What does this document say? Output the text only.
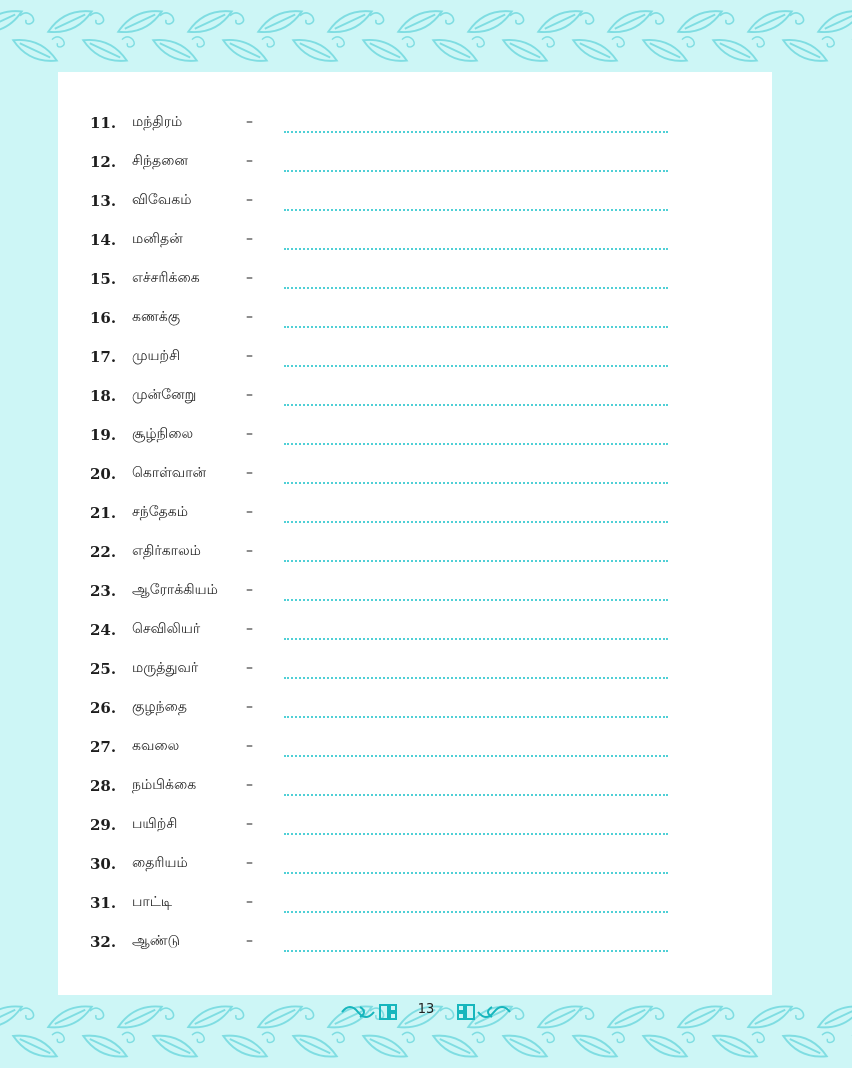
11.	மந்திரம்	–
12.	சிந்தனை	–
13.	விவேகம்	–
14.	மனிதன்	–
15.	எச்சரிக்கை	–
16.	கணக்கு	–
17.	முயற்சி	–
18.	முன்னேறு	–
19.	சூழ்நிலை	–
20.	கொள்வான்	–
21.	சந்தேகம்	–
22.	எதிர்காலம்	–
23.	ஆரோக்கியம்	–
24.	செவிலியர்	–
25.	மருத்துவர்	–
26.	குழந்தை	–
27.	கவலை	–
28.	நம்பிக்கை	–
29.	பயிற்சி	–
30.	தைரியம்	–
31.	பாட்டி	–
32.	ஆண்டு	–
13
